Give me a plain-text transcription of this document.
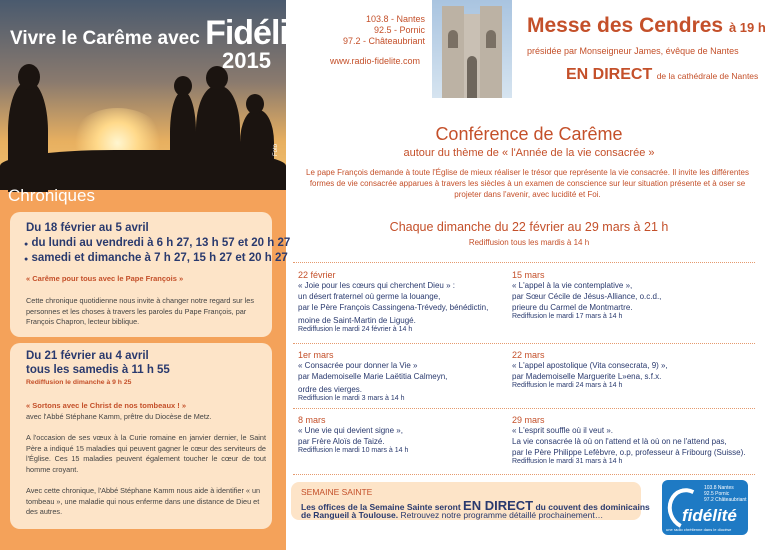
Vivre le Carême avec Fidélité
2015
Foto
Chroniques
Du 18 février au 5 avril
● du lundi au vendredi à 6 h 27, 13 h 57 et 20 h 27
● samedi et dimanche à 7 h 27, 15 h 27 et 20 h 27
« Carême pour tous avec le Pape François »
Cette chronique quotidienne nous invite à changer notre regard sur les personnes et les choses à travers les paroles du Pape François, par François Chapron, lecteur biblique.
Du 21 février au 4 avril
tous les samedis à 11 h 55
Rediffusion le dimanche à 9 h 25
« Sortons avec le Christ de nos tombeaux ! »
avec l'Abbé Stéphane Kamm, prêtre du Diocèse de Metz.
A l'occasion de ses vœux à la Curie romaine en janvier dernier, le Saint Père a indiqué 15 maladies qui peuvent gagner le cœur des serviteurs de l'Église. Ces 15 maladies peuvent également toucher le cœur de tout homme croyant.
Avec cette chronique, l'Abbé Stéphane Kamm nous aide à identifier « un tombeau », une maladie qui nous enferme dans une distance de Dieu et des autres.
103.8 - Nantes
92.5 - Pornic
97.2 - Châteaubriant
www.radio-fidelite.com
Messe des Cendres à 19 h
présidée par Monseigneur James, évêque de Nantes
EN DIRECT de la cathédrale de Nantes
Conférence de Carême
autour du thème de « l'Année de la vie consacrée »
Le pape François demande à toute l'Église de mieux réaliser le trésor que représente la vie consacrée. Il invite les différentes formes de vie consacrée apparues à travers les siècles à un examen de conscience sur leur situation présente et à oser se projeter dans l'avenir, avec lucidité et Foi.
Chaque dimanche du 22 février au 29 mars à 21 h
Rediffusion tous les mardis à 14 h
22 février
« Joie pour les cœurs qui cherchent Dieu » :
un désert fraternel où germe la louange,
par le Père François Cassingena-Trévedy, bénédictin,
moine de Saint-Martin de Ligugé.
Rediffusion le mardi 24 février à 14 h
15 mars
« L'appel à la vie contemplative »,
par Sœur Cécile de Jésus-Alliance, o.c.d.,
prieure du Carmel de Montmartre.
Rediffusion le mardi 17 mars à 14 h
1er mars
« Consacrée pour donner la Vie »
par Mademoiselle Marie Laëtitia Calmeyn,
ordre des vierges.
Rediffusion le mardi 3 mars à 14 h
22 mars
« L'appel apostolique (Vita consecrata, 9) »,
par Mademoiselle Marguerite L»ena, s.f.x.
Rediffusion le mardi 24 mars à 14 h
8 mars
« Une vie qui devient signe »,
par Frère Aloïs de Taizé.
Rediffusion le mardi 10 mars à 14 h
29 mars
« L'esprit souffle où il veut ».
La vie consacrée là où on l'attend et là où on ne l'attend pas,
par le Père Philippe Lefèbvre, o.p, professeur à Fribourg (Suisse).
Rediffusion le mardi 31 mars à 14 h
SEMAINE SAINTE
Les offices de la Semaine Sainte seront EN DIRECT du couvent des dominicains
de Rangueil à Toulouse. Retrouvez notre programme détaillé prochainement…
103.8 Nantes
92.5 Pornic
97.2 Châteaubriant
fidélité
une radio chrétienne dans le diocèse
